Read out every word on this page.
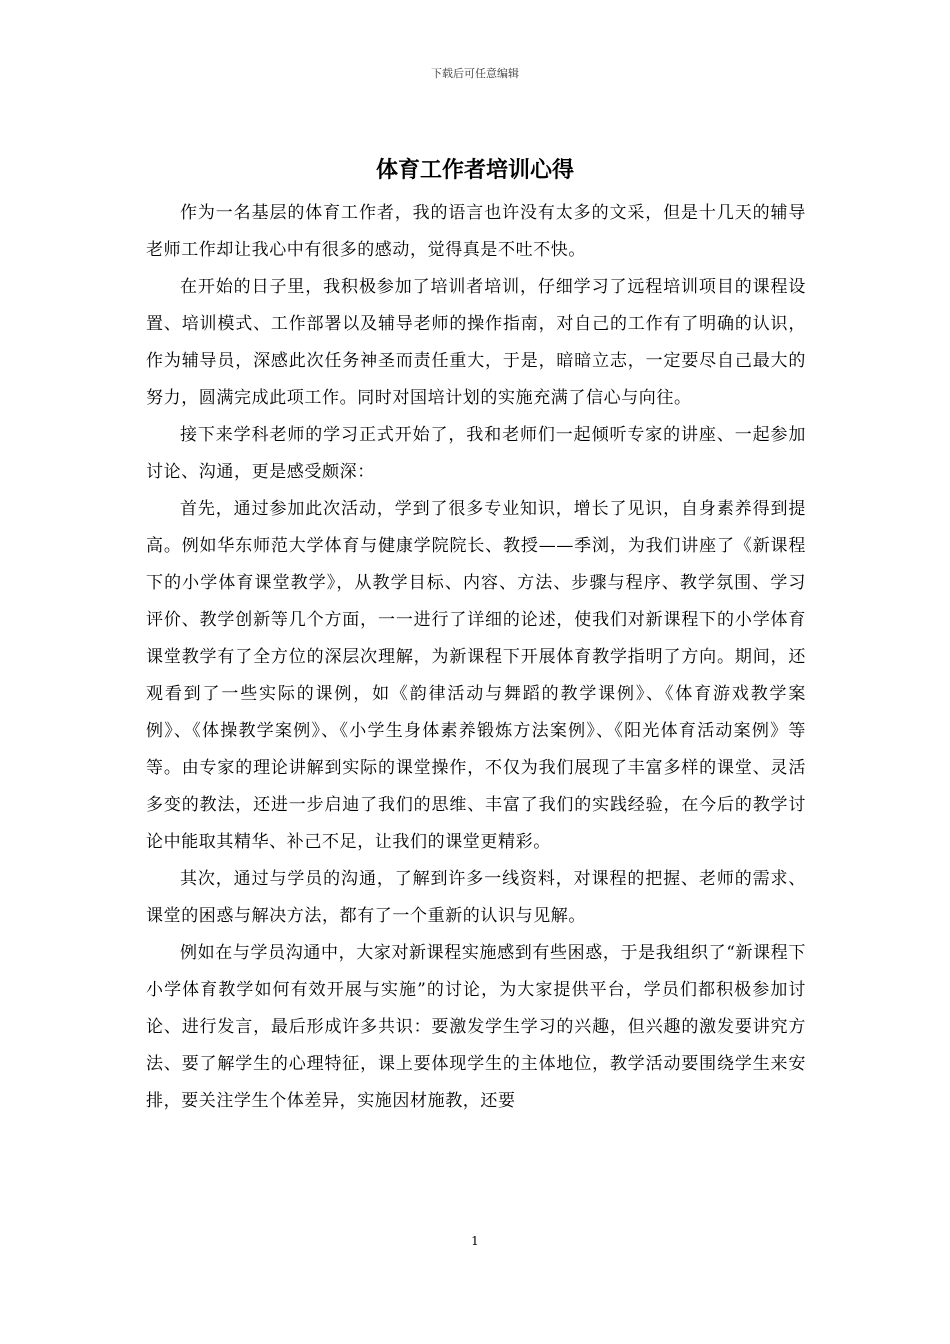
下载后可任意编辑
体育工作者培训心得

作为一名基层的体育工作者，我的语言也许没有太多的文采，但是十几天的辅导老师工作却让我心中有很多的感动，觉得真是不吐不快。

在开始的日子里，我积极参加了培训者培训，仔细学习了远程培训项目的课程设置、培训模式、工作部署以及辅导老师的操作指南，对自己的工作有了明确的认识，作为辅导员，深感此次任务神圣而责任重大，于是，暗暗立志，一定要尽自己最大的努力，圆满完成此项工作。同时对国培计划的实施充满了信心与向往。

接下来学科老师的学习正式开始了，我和老师们一起倾听专家的讲座、一起参加讨论、沟通，更是感受颇深：

首先，通过参加此次活动，学到了很多专业知识，增长了见识，自身素养得到提高。例如华东师范大学体育与健康学院院长、教授——季浏，为我们讲座了《新课程下的小学体育课堂教学》，从教学目标、内容、方法、步骤与程序、教学氛围、学习评价、教学创新等几个方面，一一进行了详细的论述，使我们对新课程下的小学体育课堂教学有了全方位的深层次理解，为新课程下开展体育教学指明了方向。期间，还观看到了一些实际的课例，如《韵律活动与舞蹈的教学课例》、《体育游戏教学案例》、《体操教学案例》、《小学生身体素养锻炼方法案例》、《阳光体育活动案例》等等。由专家的理论讲解到实际的课堂操作，不仅为我们展现了丰富多样的课堂、灵活多变的教法，还进一步启迪了我们的思维、丰富了我们的实践经验，在今后的教学讨论中能取其精华、补己不足，让我们的课堂更精彩。

其次，通过与学员的沟通，了解到许多一线资料，对课程的把握、老师的需求、课堂的困惑与解决方法，都有了一个重新的认识与见解。

例如在与学员沟通中，大家对新课程实施感到有些困惑，于是我组织了“新课程下小学体育教学如何有效开展与实施”的讨论，为大家提供平台，学员们都积极参加讨论、进行发言，最后形成许多共识：要激发学生学习的兴趣，但兴趣的激发要讲究方法、要了解学生的心理特征，课上要体现学生的主体地位，教学活动要围绕学生来安排，要关注学生个体差异，实施因材施教，还要

1
